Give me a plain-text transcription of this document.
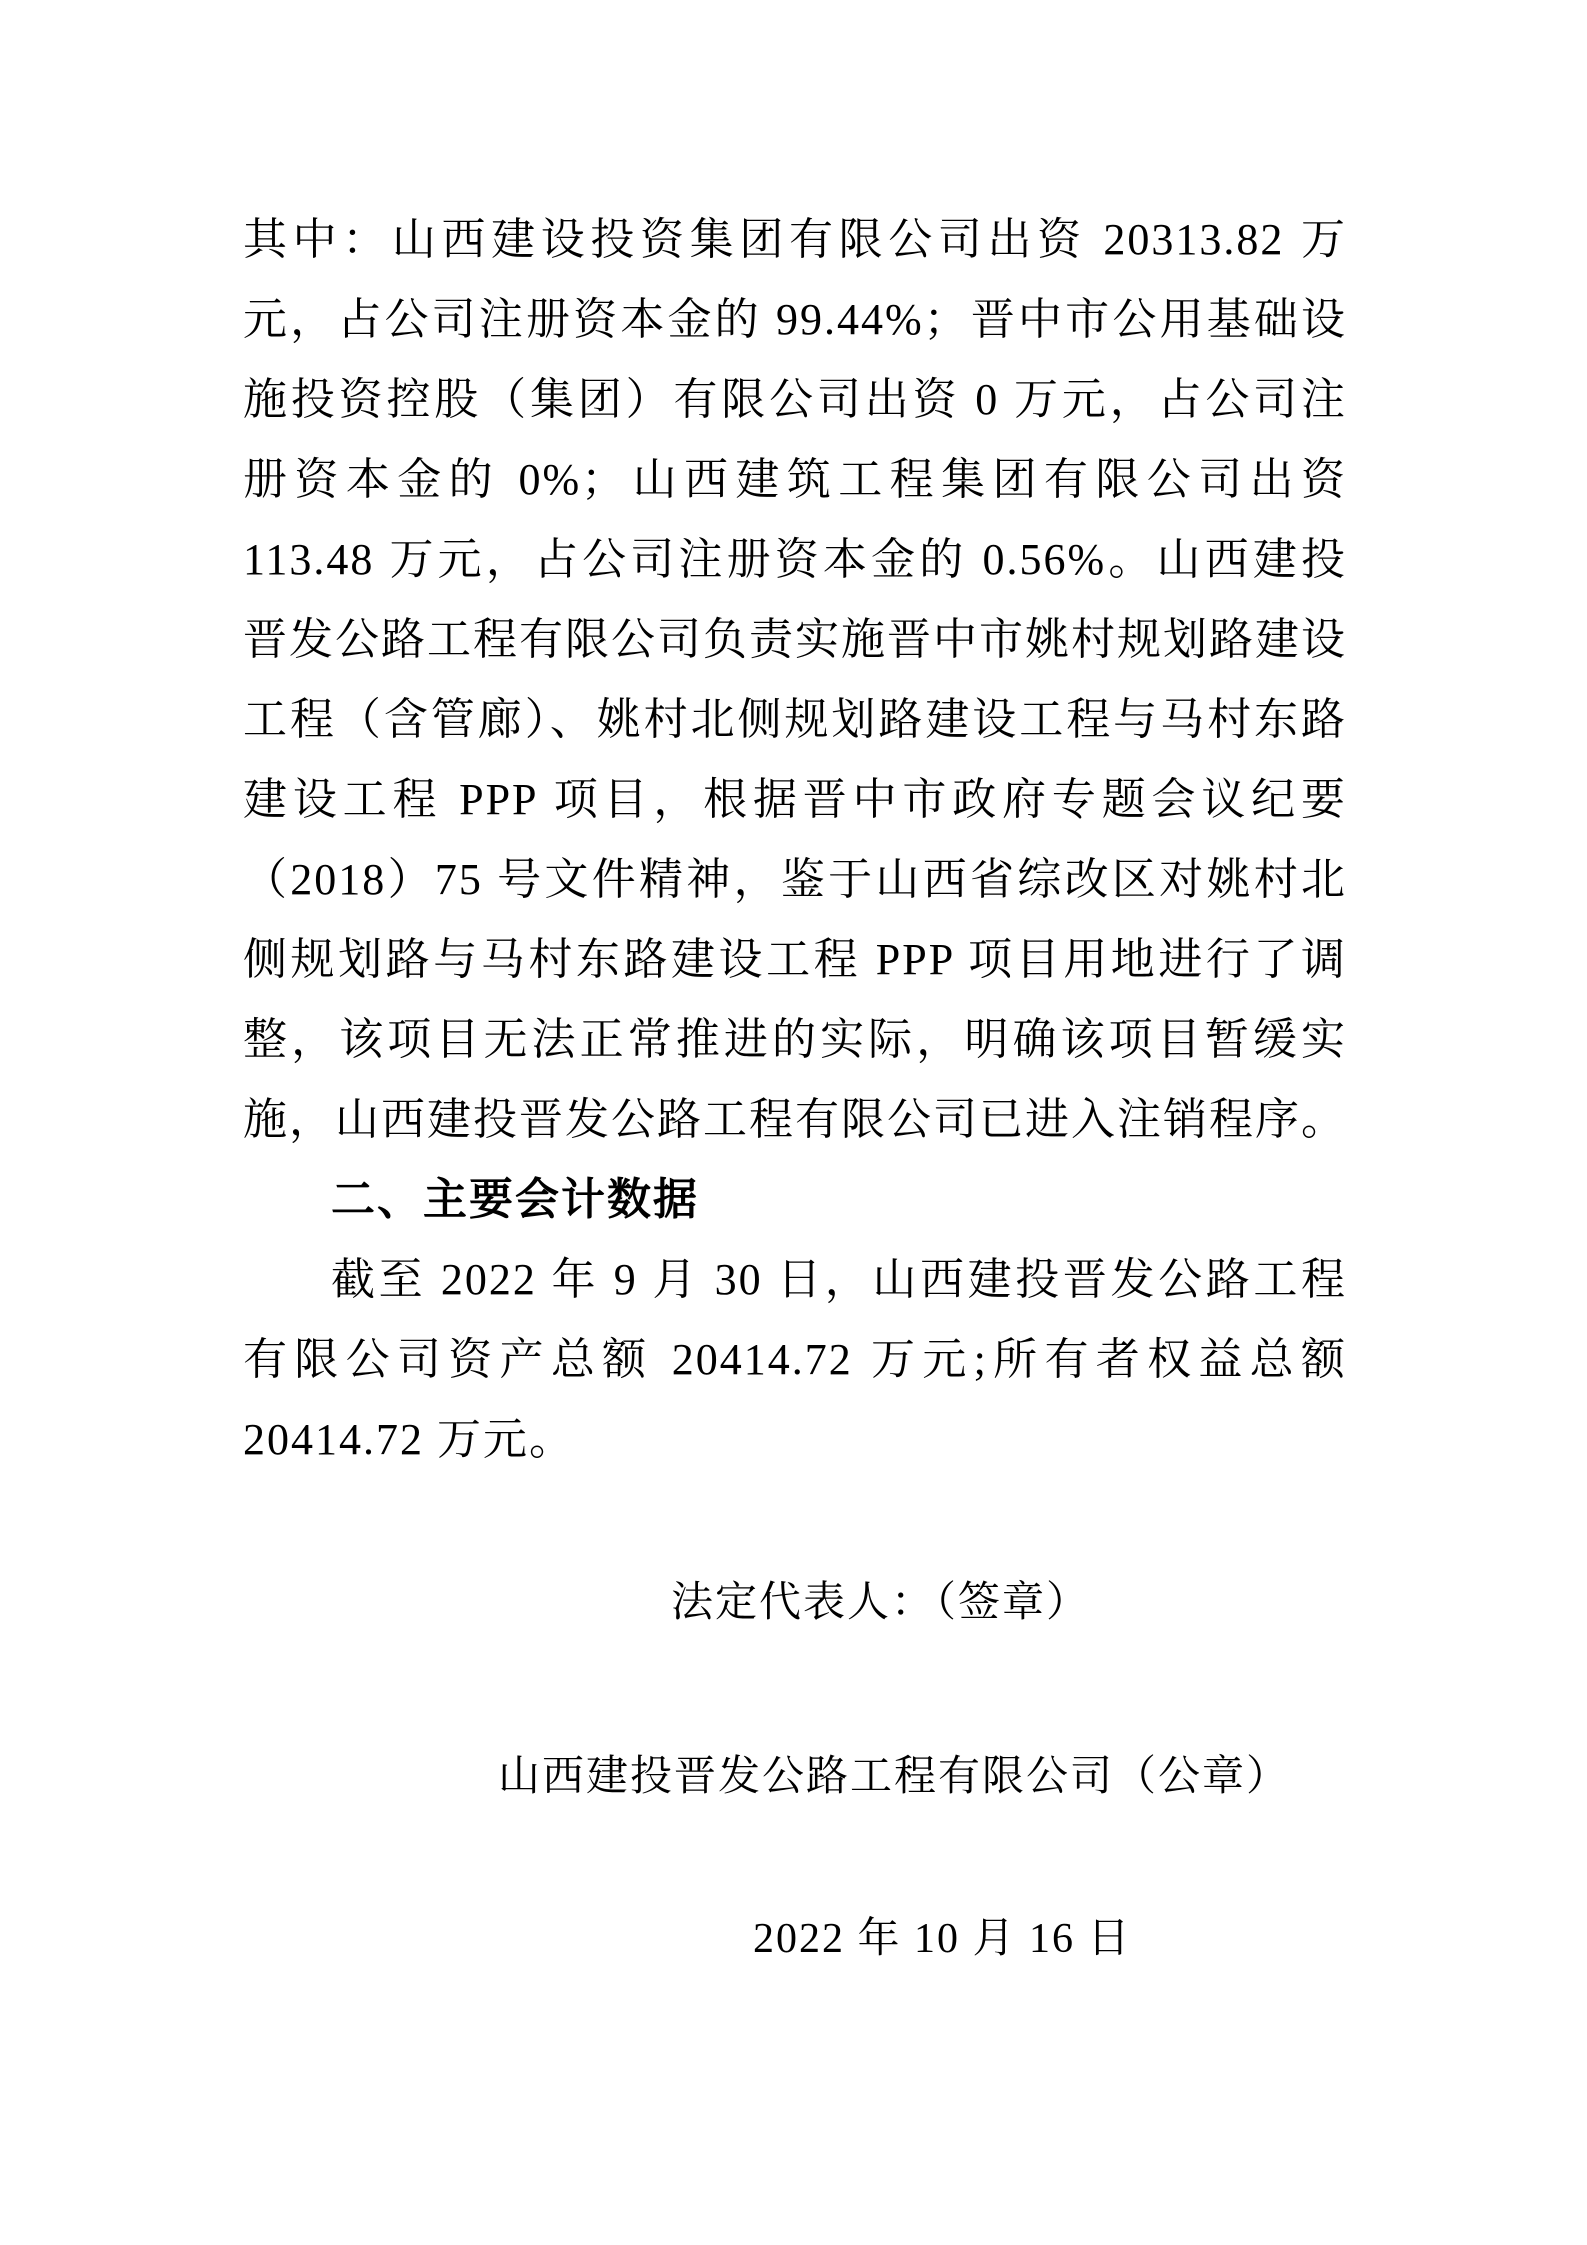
其中：山西建设投资集团有限公司出资 20313.82 万元，占公司注册资本金的 99.44%；晋中市公用基础设施投资控股（集团）有限公司出资 0 万元，占公司注册资本金的 0%；山西建筑工程集团有限公司出资 113.48 万元，占公司注册资本金的 0.56%。山西建投晋发公路工程有限公司负责实施晋中市姚村规划路建设工程（含管廊）、姚村北侧规划路建设工程与马村东路建设工程 PPP 项目，根据晋中市政府专题会议纪要（2018）75 号文件精神，鉴于山西省综改区对姚村北侧规划路与马村东路建设工程 PPP 项目用地进行了调整，该项目无法正常推进的实际，明确该项目暂缓实施，山西建投晋发公路工程有限公司已进入注销程序。

二、主要会计数据

截至 2022 年 9 月 30 日，山西建投晋发公路工程有限公司资产总额 20414.72 万元;所有者权益总额 20414.72 万元。

法定代表人：（签章）

山西建投晋发公路工程有限公司（公章）

2022 年 10 月 16 日
